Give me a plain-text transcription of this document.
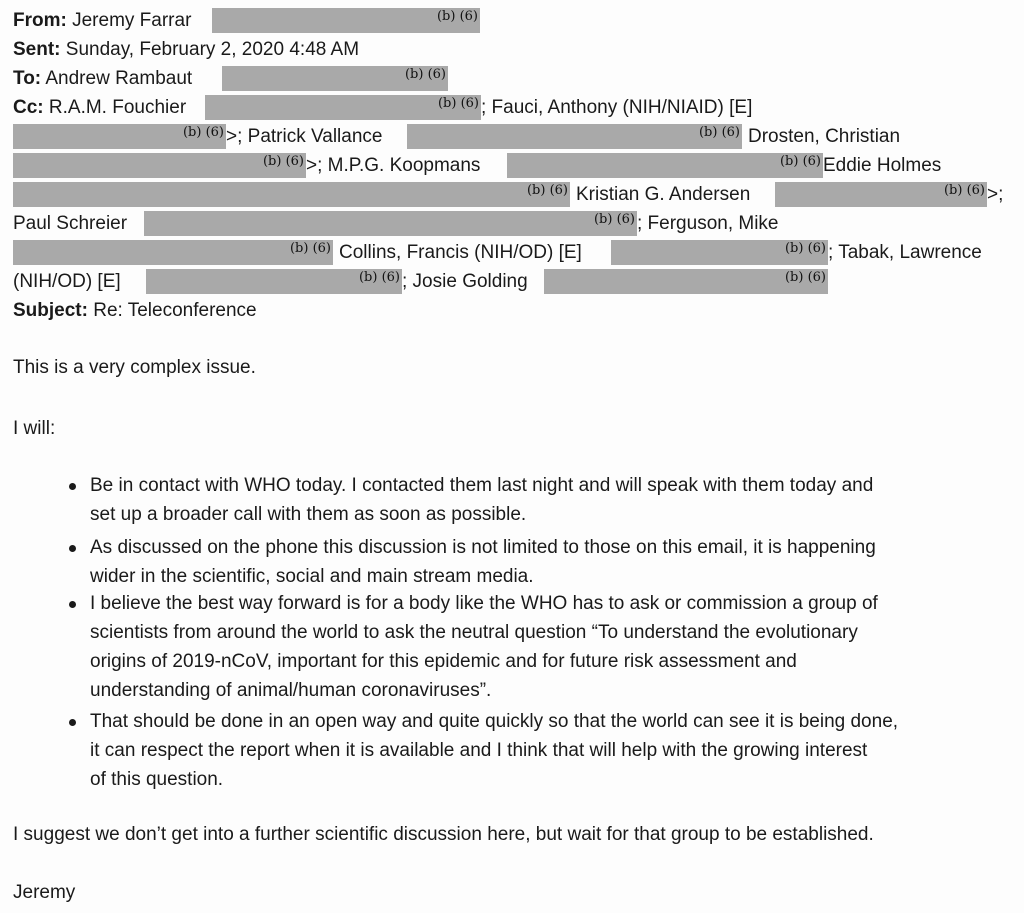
From: Jeremy Farrar	(b) (6)
Sent: Sunday, February 2, 2020 4:48 AM
To: Andrew Rambaut	(b) (6)
Cc: R.A.M. Fouchier	(b) (6) ; Fauci, Anthony (NIH/NIAID) [E]
(b) (6) >; Patrick Vallance	(b) (6) Drosten, Christian
(b) (6) >; M.P.G. Koopmans	(b) (6) Eddie Holmes
(b) (6) Kristian G. Andersen	(b) (6) >;
Paul Schreier	(b) (6) ; Ferguson, Mike
(b) (6) Collins, Francis (NIH/OD) [E]	(b) (6) ; Tabak, Lawrence
(NIH/OD) [E]	(b) (6) ; Josie Golding	(b) (6)
Subject: Re: Teleconference
This is a very complex issue.
I will:
Be in contact with WHO today. I contacted them last night and will speak with them today and
set up a broader call with them as soon as possible.
As discussed on the phone this discussion is not limited to those on this email, it is happening
wider in the scientific, social and main stream media.
I believe the best way forward is for a body like the WHO has to ask or commission a group of
scientists from around the world to ask the neutral question “To understand the evolutionary
origins of 2019-nCoV, important for this epidemic and for future risk assessment and
understanding of animal/human coronaviruses”.
That should be done in an open way and quite quickly so that the world can see it is being done,
it can respect the report when it is available and I think that will help with the growing interest
of this question.
I suggest we don’t get into a further scientific discussion here, but wait for that group to be established.
Jeremy
